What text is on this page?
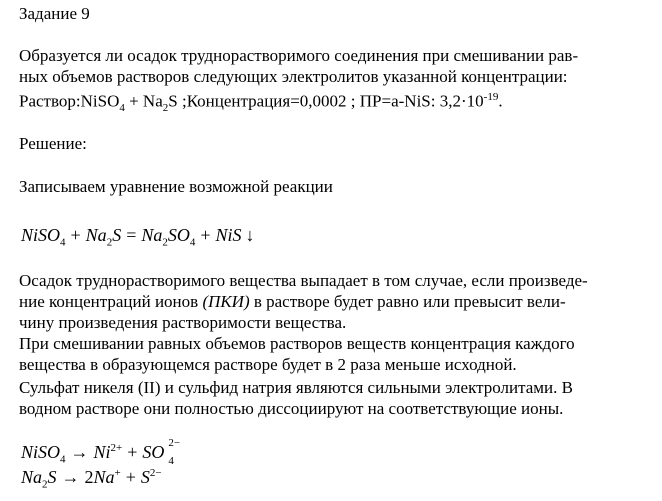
Задание 9

Образуется ли осадок труднорастворимого соединения при смешивании рав-

ных объемов растворов следующих электролитов указанной концентрации:

Раствор:NiSO$_4$ + $Na_2S$ ;Концентрация=0,0002 ; ПР=a-NiS: $3,2\cdot 10^{-19}$.

Решение:

Записываем уравнение возможной реакции

NiSO$_4$ + $Na_2S = Na_2SO_4$ + NiS ↓

Осадок труднорастворимого вещества выпадает в том случае, если произведе-

ние концентраций ионов (ПКИ) в растворе будет равно или превысит вели-

чину произведения растворимости вещества.

При смешивании равных объемов растворов веществ концентрация каждого

вещества в образующемся растворе будет в 2 раза меньше исходной.

Сульфат никеля (II) и сульфид натрия являются сильными электролитами. В

водном растворе они полностью диссоциируют на соответствующие ионы.

NiSO$_4$ → $Ni^{2+}$ + SO 2−
4
$Na_2S \to 2Na^+ + S^{2-}$
